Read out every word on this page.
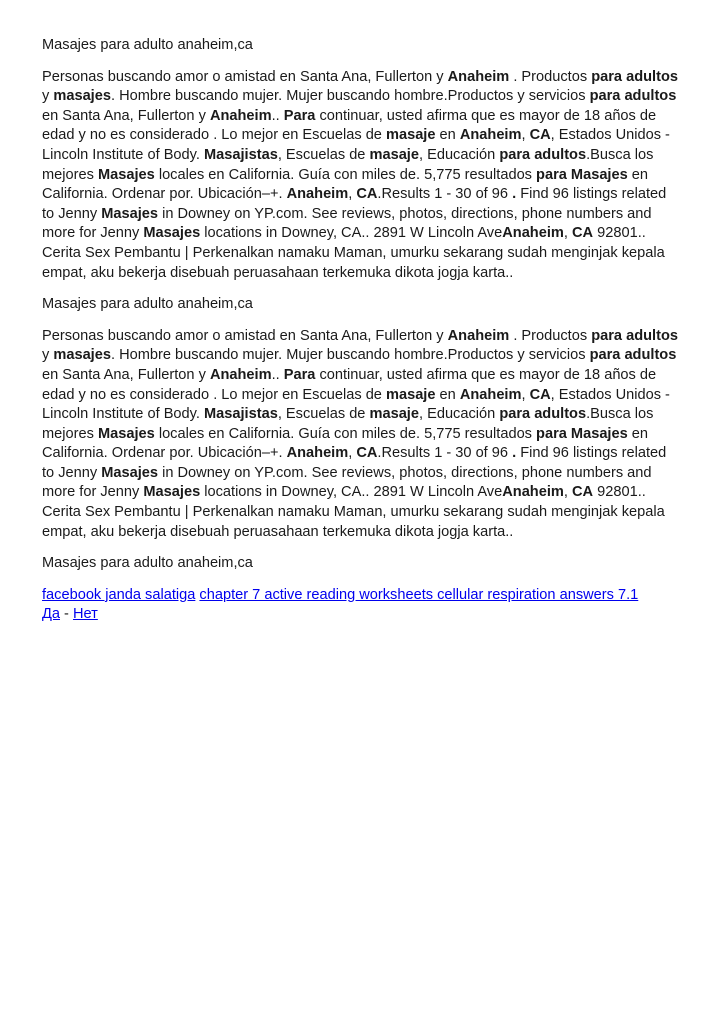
Masajes para adulto anaheim,ca

Personas buscando amor o amistad en Santa Ana, Fullerton y Anaheim . Productos para adultos y masajes. Hombre buscando mujer. Mujer buscando hombre.Productos y servicios para adultos en Santa Ana, Fullerton y Anaheim.. Para continuar, usted afirma que es mayor de 18 años de edad y no es considerado . Lo mejor en Escuelas de masaje en Anaheim, CA, Estados Unidos - Lincoln Institute of Body. Masajistas, Escuelas de masaje, Educación para adultos.Busca los mejores Masajes locales en California. Guía con miles de. 5,775 resultados para Masajes en California. Ordenar por. Ubicación–+. Anaheim, CA.Results 1 - 30 of 96 . Find 96 listings related to Jenny Masajes in Downey on YP.com. See reviews, photos, directions, phone numbers and more for Jenny Masajes locations in Downey, CA.. 2891 W Lincoln AveAnaheim, CA 92801.. Cerita Sex Pembantu | Perkenalkan namaku Maman, umurku sekarang sudah menginjak kepala empat, aku bekerja disebuah peruasahaan terkemuka dikota jogja karta..

Masajes para adulto anaheim,ca

Personas buscando amor o amistad en Santa Ana, Fullerton y Anaheim . Productos para adultos y masajes. Hombre buscando mujer. Mujer buscando hombre.Productos y servicios para adultos en Santa Ana, Fullerton y Anaheim.. Para continuar, usted afirma que es mayor de 18 años de edad y no es considerado . Lo mejor en Escuelas de masaje en Anaheim, CA, Estados Unidos - Lincoln Institute of Body. Masajistas, Escuelas de masaje, Educación para adultos.Busca los mejores Masajes locales en California. Guía con miles de. 5,775 resultados para Masajes en California. Ordenar por. Ubicación–+. Anaheim, CA.Results 1 - 30 of 96 . Find 96 listings related to Jenny Masajes in Downey on YP.com. See reviews, photos, directions, phone numbers and more for Jenny Masajes locations in Downey, CA.. 2891 W Lincoln AveAnaheim, CA 92801.. Cerita Sex Pembantu | Perkenalkan namaku Maman, umurku sekarang sudah menginjak kepala empat, aku bekerja disebuah peruasahaan terkemuka dikota jogja karta..

Masajes para adulto anaheim,ca

facebook janda salatiga chapter 7 active reading worksheets cellular respiration answers 7.1
Да - Нет
